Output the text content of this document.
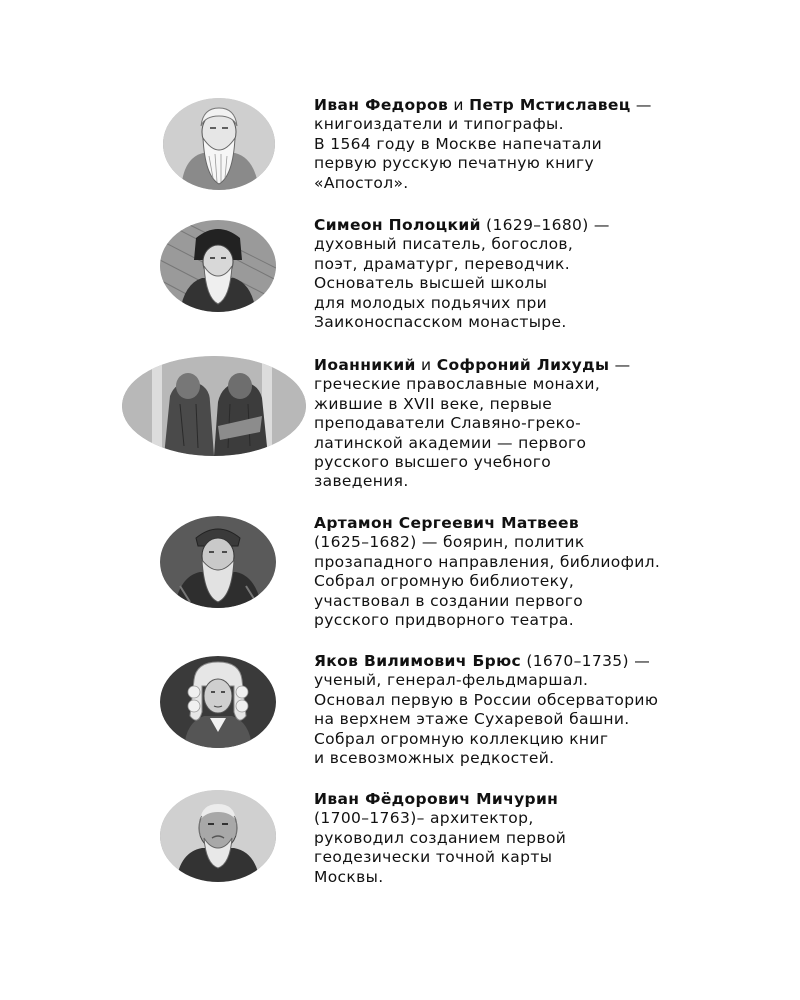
Иван Федоров и Петр Мстиславец —
книгоиздатели и типографы.
В 1564 году в Москве напечатали
первую русскую печатную книгу
«Апостол».

Симеон Полоцкий (1629–1680) —
духовный писатель, богослов,
поэт, драматург, переводчик.
Основатель высшей школы
для молодых подьячих при
Заиконоспасском монастыре.

Иоанникий и Софроний Лихуды —
греческие православные монахи,
жившие в XVII веке, первые
преподаватели Славяно-греко-
латинской академии — первого
русского высшего учебного
заведения.

Артамон Сергеевич Матвеев
(1625–1682) — боярин, политик
прозападного направления, библиофил.
Собрал огромную библиотеку,
участвовал в создании первого
русского придворного театра.

Яков Вилимович Брюс (1670–1735) —
ученый, генерал-фельдмаршал.
Основал первую в России обсерваторию
на верхнем этаже Сухаревой башни.
Собрал огромную коллекцию книг
и всевозможных редкостей.

Иван Фёдорович Мичурин
(1700–1763)– архитектор,
руководил созданием первой
геодезически точной карты
Москвы.
